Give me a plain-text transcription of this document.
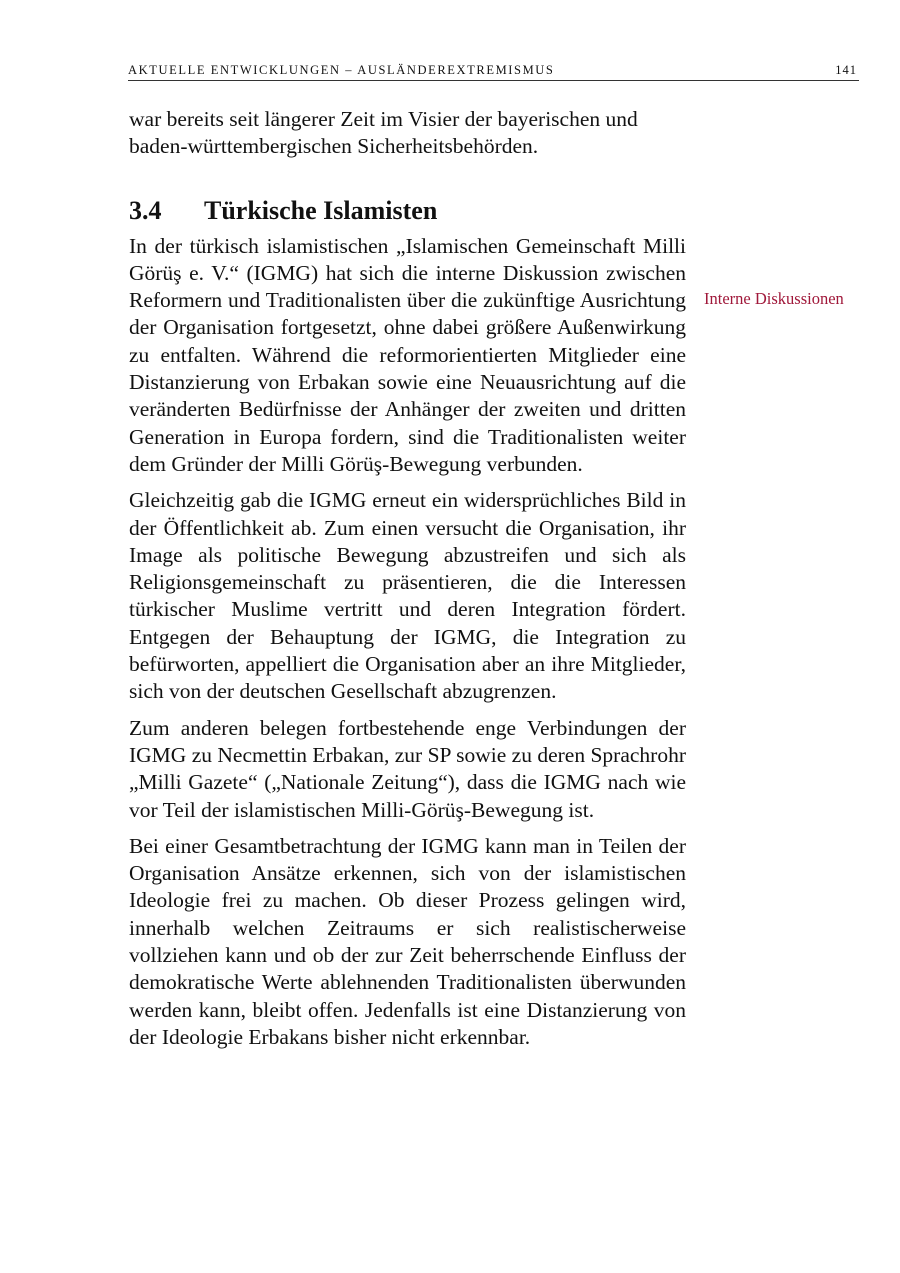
AKTUELLE ENTWICKLUNGEN – AUSLÄNDEREXTREMISMUS	141

war bereits seit längerer Zeit im Visier der bayerischen und baden-württembergischen Sicherheitsbehörden.

3.4 Türkische Islamisten

In der türkisch islamistischen „Islamischen Gemeinschaft Milli Görüş e. V.“ (IGMG) hat sich die interne Diskussion zwischen Reformern und Traditionalisten über die zukünftige Ausrichtung der Organisation fortgesetzt, ohne dabei größere Außenwirkung zu entfalten. Während die reformorientierten Mitglieder eine Distanzierung von Erbakan sowie eine Neuausrichtung auf die veränderten Bedürfnisse der Anhänger der zweiten und dritten Generation in Europa fordern, sind die Traditionalisten weiter dem Gründer der Milli Görüş-Bewegung verbunden.

Gleichzeitig gab die IGMG erneut ein widersprüchliches Bild in der Öffentlichkeit ab. Zum einen versucht die Organisation, ihr Image als politische Bewegung abzustreifen und sich als Religionsgemeinschaft zu präsentieren, die die Interessen türkischer Muslime vertritt und deren Integration fördert. Entgegen der Behauptung der IGMG, die Integration zu befürworten, appelliert die Organisation aber an ihre Mitglieder, sich von der deutschen Gesellschaft abzugrenzen.

Zum anderen belegen fortbestehende enge Verbindungen der IGMG zu Necmettin Erbakan, zur SP sowie zu deren Sprachrohr „Milli Gazete“ („Nationale Zeitung“), dass die IGMG nach wie vor Teil der islamistischen Milli-Görüş-Bewegung ist.

Bei einer Gesamtbetrachtung der IGMG kann man in Teilen der Organisation Ansätze erkennen, sich von der islamistischen Ideologie frei zu machen. Ob dieser Prozess gelingen wird, innerhalb welchen Zeitraums er sich realistischerweise vollziehen kann und ob der zur Zeit beherrschende Einfluss der demokratische Werte ablehnenden Traditionalisten überwunden werden kann, bleibt offen. Jedenfalls ist eine Distanzierung von der Ideologie Erbakans bisher nicht erkennbar.

Interne Diskussionen
